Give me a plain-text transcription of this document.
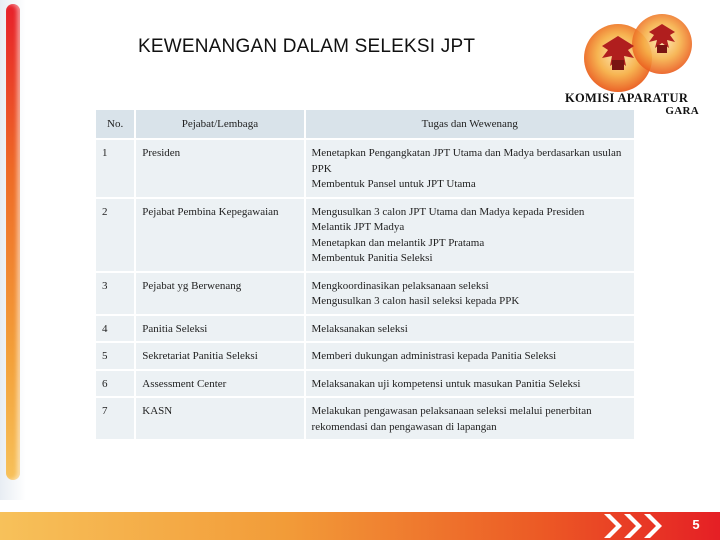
KEWENANGAN DALAM SELEKSI JPT
KOMISI APARATUR
GARA
No.	Pejabat/Lembaga	Tugas dan Wewenang
1	Presiden	Menetapkan Pengangkatan JPT Utama dan Madya berdasarkan usulan PPK
Membentuk Pansel untuk JPT Utama

2	Pejabat Pembina Kepegawaian	Mengusulkan 3 calon JPT Utama dan Madya kepada Presiden
Melantik JPT Madya
Menetapkan dan melantik JPT Pratama
Membentuk Panitia Seleksi

3	Pejabat yg Berwenang	Mengkoordinasikan pelaksanaan seleksi
Mengusulkan 3 calon hasil seleksi kepada PPK

4	Panitia Seleksi	Melaksanakan seleksi

5	Sekretariat Panitia Seleksi	Memberi dukungan administrasi kepada Panitia Seleksi

6	Assessment Center	Melaksanakan uji kompetensi untuk masukan Panitia Seleksi

7	KASN	Melakukan pengawasan pelaksanaan seleksi melalui penerbitan rekomendasi dan pengawasan di lapangan
5
